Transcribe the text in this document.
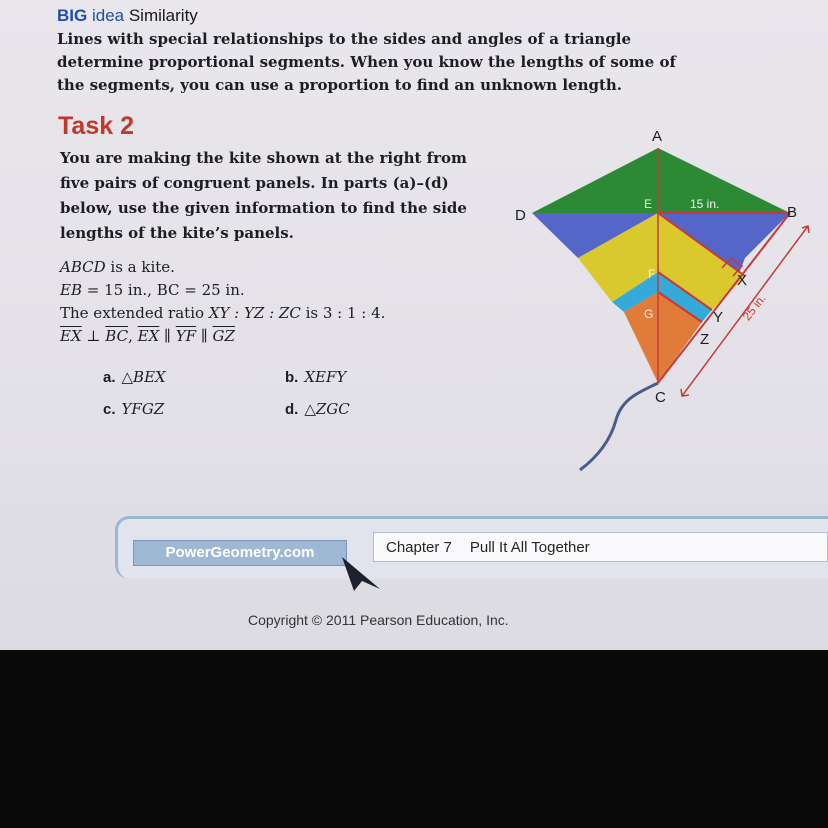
BIG idea Similarity
Lines with special relationships to the sides and angles of a triangle determine proportional segments. When you know the lengths of some of the segments, you can use a proportion to find an unknown length.
Task 2
You are making the kite shown at the right from five pairs of congruent panels. In parts (a)–(d) below, use the given information to find the side lengths of the kite’s panels.
ABCD is a kite.
EB = 15 in., BC = 25 in.
The extended ratio XY : YZ : ZC is 3 : 1 : 4.
$\overline{EX}$ ⊥ $\overline{BC}$, $\overline{EX}$ ∥ $\overline{YF}$ ∥ $\overline{GZ}$
a. △BEX	b. XEFY
c. YFGZ	d. △ZGC
A
D	B
C
X
Y
Z
E
F
G
15 in.
25 in.
PowerGeometry.com	Chapter 7 Pull It All Together
Copyright © 2011 Pearson Education, Inc.
